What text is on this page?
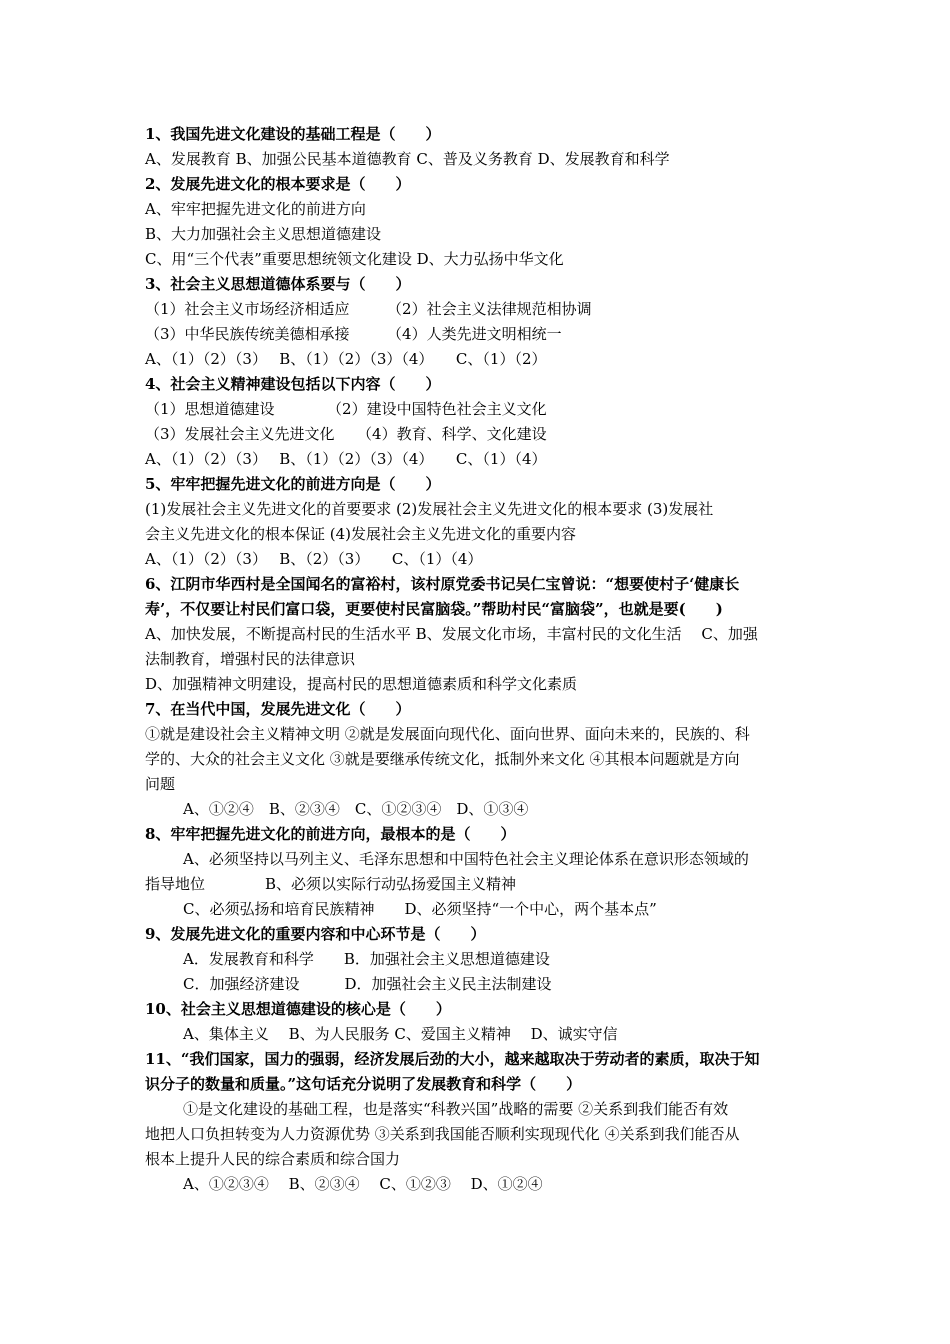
1、我国先进文化建设的基础工程是（　　）
A、发展教育 B、加强公民基本道德教育 C、普及义务教育 D、发展教育和科学
2、发展先进文化的根本要求是（　　）
A、牢牢把握先进文化的前进方向
B、大力加强社会主义思想道德建设
C、用“三个代表”重要思想统领文化建设 D、大力弘扬中华文化
3、社会主义思想道德体系要与（　　）
（1）社会主义市场经济相适应　　　（2）社会主义法律规范相协调
（3）中华民族传统美德相承接　　　（4）人类先进文明相统一
A、（1）（2）（3）　 B、（1）（2）（3）（4）　　C、（1）（2）
4、社会主义精神建设包括以下内容（　　）
（1）思想道德建设　　　　（2）建设中国特色社会主义文化
（3）发展社会主义先进文化　　（4）教育、科学、文化建设
A、（1）（2）（3）　 B、（1）（2）（3）（4）　　C、（1）（4）
5、牢牢把握先进文化的前进方向是（　　）
(1)发展社会主义先进文化的首要要求 (2)发展社会主义先进文化的根本要求 (3)发展社
会主义先进文化的根本保证 (4)发展社会主义先进文化的重要内容
A、（1）（2）（3）　 B、（2）（3）　　C、（1）（4）
6、江阴市华西村是全国闻名的富裕村，该村原党委书记吴仁宝曾说：“想要使村子‘健康长
寿’，不仅要让村民们富口袋，更要使村民富脑袋。”帮助村民“富脑袋”，也就是要(　　)
A、加快发展，不断提高村民的生活水平 B、发展文化市场，丰富村民的文化生活　 C、加强
法制教育，增强村民的法律意识
D、加强精神文明建设，提高村民的思想道德素质和科学文化素质
7、在当代中国，发展先进文化（　　）
①就是建设社会主义精神文明 ②就是发展面向现代化、面向世界、面向未来的，民族的、科
学的、大众的社会主义文化 ③就是要继承传统文化，抵制外来文化 ④其根本问题就是方向
问题
A、①②④　B、②③④　C、①②③④　D、①③④
8、牢牢把握先进文化的前进方向，最根本的是（　　）
A、必须坚持以马列主义、毛泽东思想和中国特色社会主义理论体系在意识形态领域的
指导地位　　　　B、必须以实际行动弘扬爱国主义精神
C、必须弘扬和培育民族精神　　D、必须坚持“一个中心，两个基本点”
9、发展先进文化的重要内容和中心环节是（　　）
A．发展教育和科学　　B．加强社会主义思想道德建设
C．加强经济建设　　　D．加强社会主义民主法制建设
10、社会主义思想道德建设的核心是（　　）
A、集体主义　 B、为人民服务 C、爱国主义精神　 D、诚实守信
11、“我们国家，国力的强弱，经济发展后劲的大小，越来越取决于劳动者的素质，取决于知
识分子的数量和质量。”这句话充分说明了发展教育和科学（　　）
①是文化建设的基础工程，也是落实“科教兴国”战略的需要 ②关系到我们能否有效
地把人口负担转变为人力资源优势 ③关系到我国能否顺利实现现代化 ④关系到我们能否从
根本上提升人民的综合素质和综合国力
A、①②③④　 B、②③④　 C、①②③　 D、①②④
